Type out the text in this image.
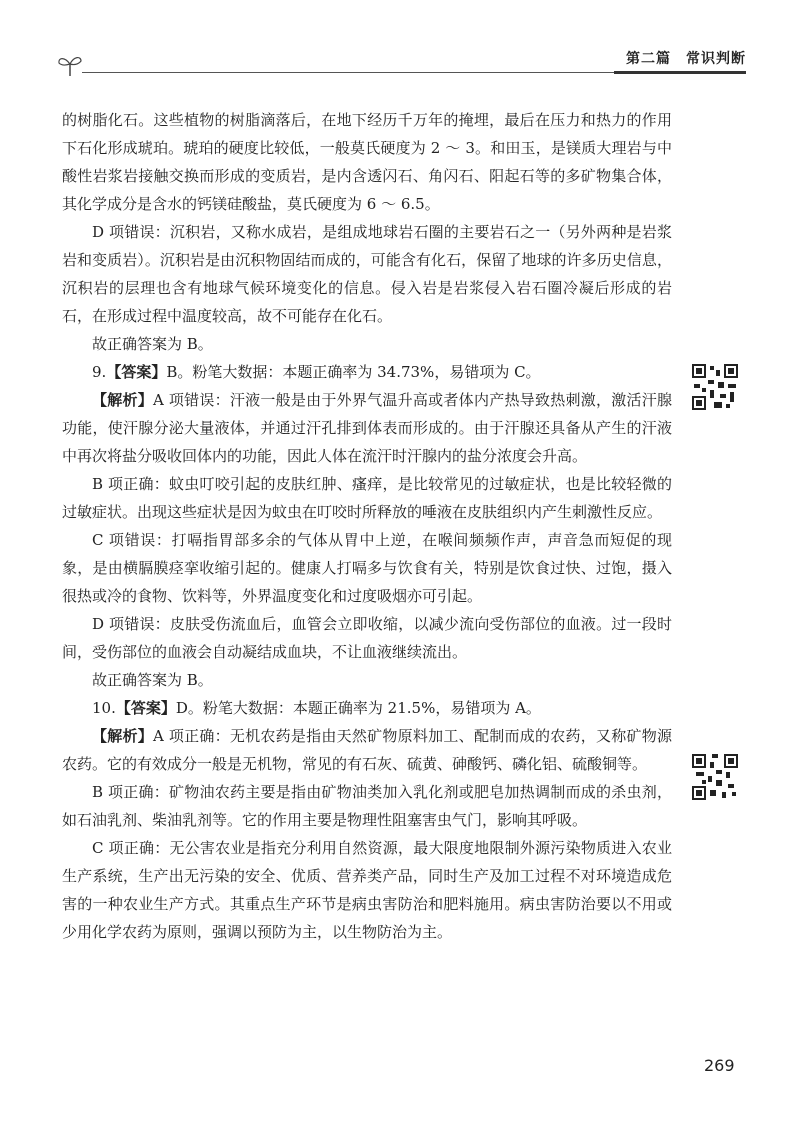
第二篇　常识判断

的树脂化石。这些植物的树脂滴落后，在地下经历千万年的掩埋，最后在压力和热力的作用下石化形成琥珀。琥珀的硬度比较低，一般莫氏硬度为 2 ～ 3。和田玉，是镁质大理岩与中酸性岩浆岩接触交换而形成的变质岩，是内含透闪石、角闪石、阳起石等的多矿物集合体，其化学成分是含水的钙镁硅酸盐，莫氏硬度为 6 ～ 6.5。

D 项错误：沉积岩，又称水成岩，是组成地球岩石圈的主要岩石之一（另外两种是岩浆岩和变质岩）。沉积岩是由沉积物固结而成的，可能含有化石，保留了地球的许多历史信息，沉积岩的层理也含有地球气候环境变化的信息。侵入岩是岩浆侵入岩石圈冷凝后形成的岩石，在形成过程中温度较高，故不可能存在化石。

故正确答案为 B。

9.【答案】B。粉笔大数据：本题正确率为 34.73%，易错项为 C。

【解析】A 项错误：汗液一般是由于外界气温升高或者体内产热导致热刺激，激活汗腺功能，使汗腺分泌大量液体，并通过汗孔排到体表而形成的。由于汗腺还具备从产生的汗液中再次将盐分吸收回体内的功能，因此人体在流汗时汗腺内的盐分浓度会升高。

B 项正确：蚊虫叮咬引起的皮肤红肿、瘙痒，是比较常见的过敏症状，也是比较轻微的过敏症状。出现这些症状是因为蚊虫在叮咬时所释放的唾液在皮肤组织内产生刺激性反应。

C 项错误：打嗝指胃部多余的气体从胃中上逆，在喉间频频作声，声音急而短促的现象，是由横膈膜痉挛收缩引起的。健康人打嗝多与饮食有关，特别是饮食过快、过饱，摄入很热或冷的食物、饮料等，外界温度变化和过度吸烟亦可引起。

D 项错误：皮肤受伤流血后，血管会立即收缩，以减少流向受伤部位的血液。过一段时间，受伤部位的血液会自动凝结成血块，不让血液继续流出。

故正确答案为 B。

10.【答案】D。粉笔大数据：本题正确率为 21.5%，易错项为 A。

【解析】A 项正确：无机农药是指由天然矿物原料加工、配制而成的农药，又称矿物源农药。它的有效成分一般是无机物，常见的有石灰、硫黄、砷酸钙、磷化铝、硫酸铜等。

B 项正确：矿物油农药主要是指由矿物油类加入乳化剂或肥皂加热调制而成的杀虫剂，如石油乳剂、柴油乳剂等。它的作用主要是物理性阻塞害虫气门，影响其呼吸。

C 项正确：无公害农业是指充分利用自然资源，最大限度地限制外源污染物质进入农业生产系统，生产出无污染的安全、优质、营养类产品，同时生产及加工过程不对环境造成危害的一种农业生产方式。其重点生产环节是病虫害防治和肥料施用。病虫害防治要以不用或少用化学农药为原则，强调以预防为主，以生物防治为主。

269
